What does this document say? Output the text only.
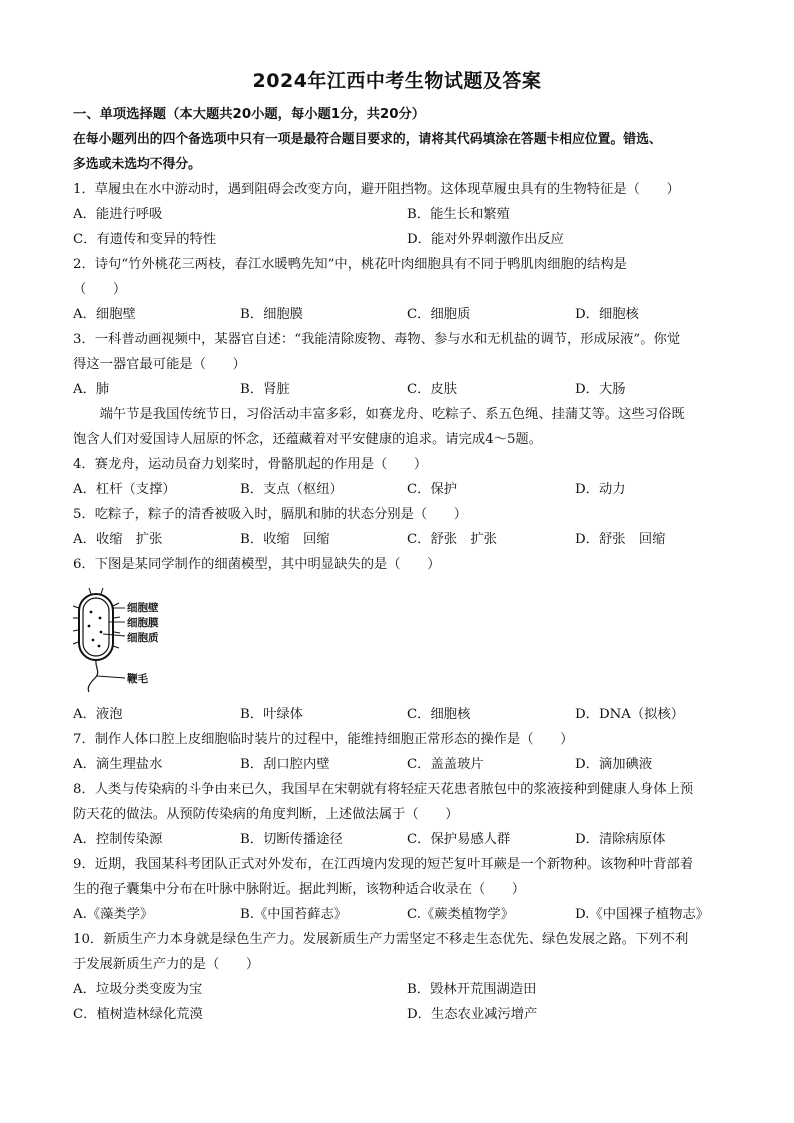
2024年江西中考生物试题及答案
一、单项选择题（本大题共20小题，每小题1分，共20分）
在每小题列出的四个备选项中只有一项是最符合题目要求的，请将其代码填涂在答题卡相应位置。错选、
多选或未选均不得分。
1．草履虫在水中游动时，遇到阻碍会改变方向，避开阻挡物。这体现草履虫具有的生物特征是（　　）
A．能进行呼吸	B．能生长和繁殖
C．有遗传和变异的特性	D．能对外界刺激作出反应
2．诗句“竹外桃花三两枝，春江水暖鸭先知”中，桃花叶肉细胞具有不同于鸭肌肉细胞的结构是
（　　）
A．细胞壁	B．细胞膜	C．细胞质	D．细胞核
3．一科普动画视频中，某器官自述：“我能清除废物、毒物、参与水和无机盐的调节，形成尿液”。你觉
得这一器官最可能是（　　）
A．肺	B．肾脏	C．皮肤	D．大肠
　　端午节是我国传统节日，习俗活动丰富多彩，如赛龙舟、吃粽子、系五色绳、挂蒲艾等。这些习俗既
饱含人们对爱国诗人屈原的怀念，还蕴藏着对平安健康的追求。请完成4～5题。
4．赛龙舟，运动员奋力划桨时，骨骼肌起的作用是（　　）
A．杠杆（支撑）	B．支点（枢纽）	C．保护	D．动力
5．吃粽子，粽子的清香被吸入时，膈肌和肺的状态分别是（　　）
A．收缩　扩张	B．收缩　回缩	C．舒张　扩张	D．舒张　回缩
6．下图是某同学制作的细菌模型，其中明显缺失的是（　　）
细胞壁
细胞膜
细胞质
鞭毛
A．液泡	B．叶绿体	C．细胞核	D．DNA（拟核）
7．制作人体口腔上皮细胞临时装片的过程中，能维持细胞正常形态的操作是（　　）
A．滴生理盐水	B．刮口腔内壁	C．盖盖玻片	D．滴加碘液
8．人类与传染病的斗争由来已久，我国早在宋朝就有将轻症天花患者脓包中的浆液接种到健康人身体上预
防天花的做法。从预防传染病的角度判断，上述做法属于（　　）
A．控制传染源	B．切断传播途径	C．保护易感人群	D．清除病原体
9．近期，我国某科考团队正式对外发布，在江西境内发现的短芒复叶耳蕨是一个新物种。该物种叶背部着
生的孢子囊集中分布在叶脉中脉附近。据此判断，该物种适合收录在（　　）
A.《藻类学》	B.《中国苔藓志》	C.《蕨类植物学》	D.《中国裸子植物志》
10．新质生产力本身就是绿色生产力。发展新质生产力需坚定不移走生态优先、绿色发展之路。下列不利
于发展新质生产力的是（　　）
A．垃圾分类变废为宝	B．毁林开荒围湖造田
C．植树造林绿化荒漠	D．生态农业减污增产
